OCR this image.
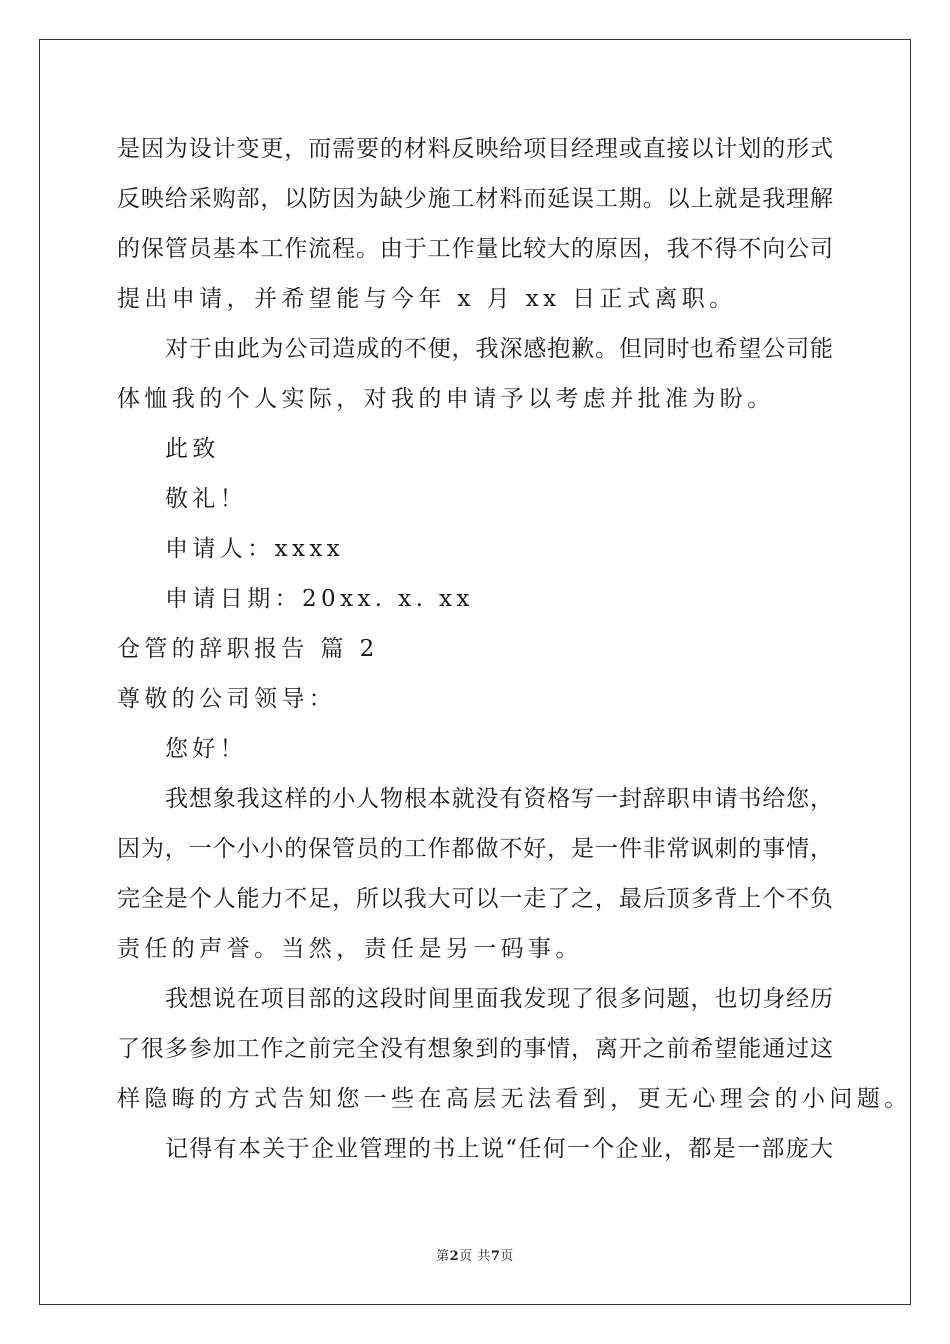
是因为设计变更，而需要的材料反映给项目经理或直接以计划的形式
反映给采购部，以防因为缺少施工材料而延误工期。以上就是我理解
的保管员基本工作流程。由于工作量比较大的原因，我不得不向公司
提出申请，并希望能与今年 x 月 xx 日正式离职。
对于由此为公司造成的不便，我深感抱歉。但同时也希望公司能
体恤我的个人实际，对我的申请予以考虑并批准为盼。
此致
敬礼！
申请人：xxxx
申请日期：20xx. x. xx
仓管的辞职报告 篇 2
尊敬的公司领导：
您好！
我想象我这样的小人物根本就没有资格写一封辞职申请书给您，
因为，一个小小的保管员的工作都做不好，是一件非常讽刺的事情，
完全是个人能力不足，所以我大可以一走了之，最后顶多背上个不负
责任的声誉。当然，责任是另一码事。
我想说在项目部的这段时间里面我发现了很多问题，也切身经历
了很多参加工作之前完全没有想象到的事情，离开之前希望能通过这
样隐晦的方式告知您一些在高层无法看到，更无心理会的小问题。
记得有本关于企业管理的书上说“任何一个企业，都是一部庞大
第2页 共7页
